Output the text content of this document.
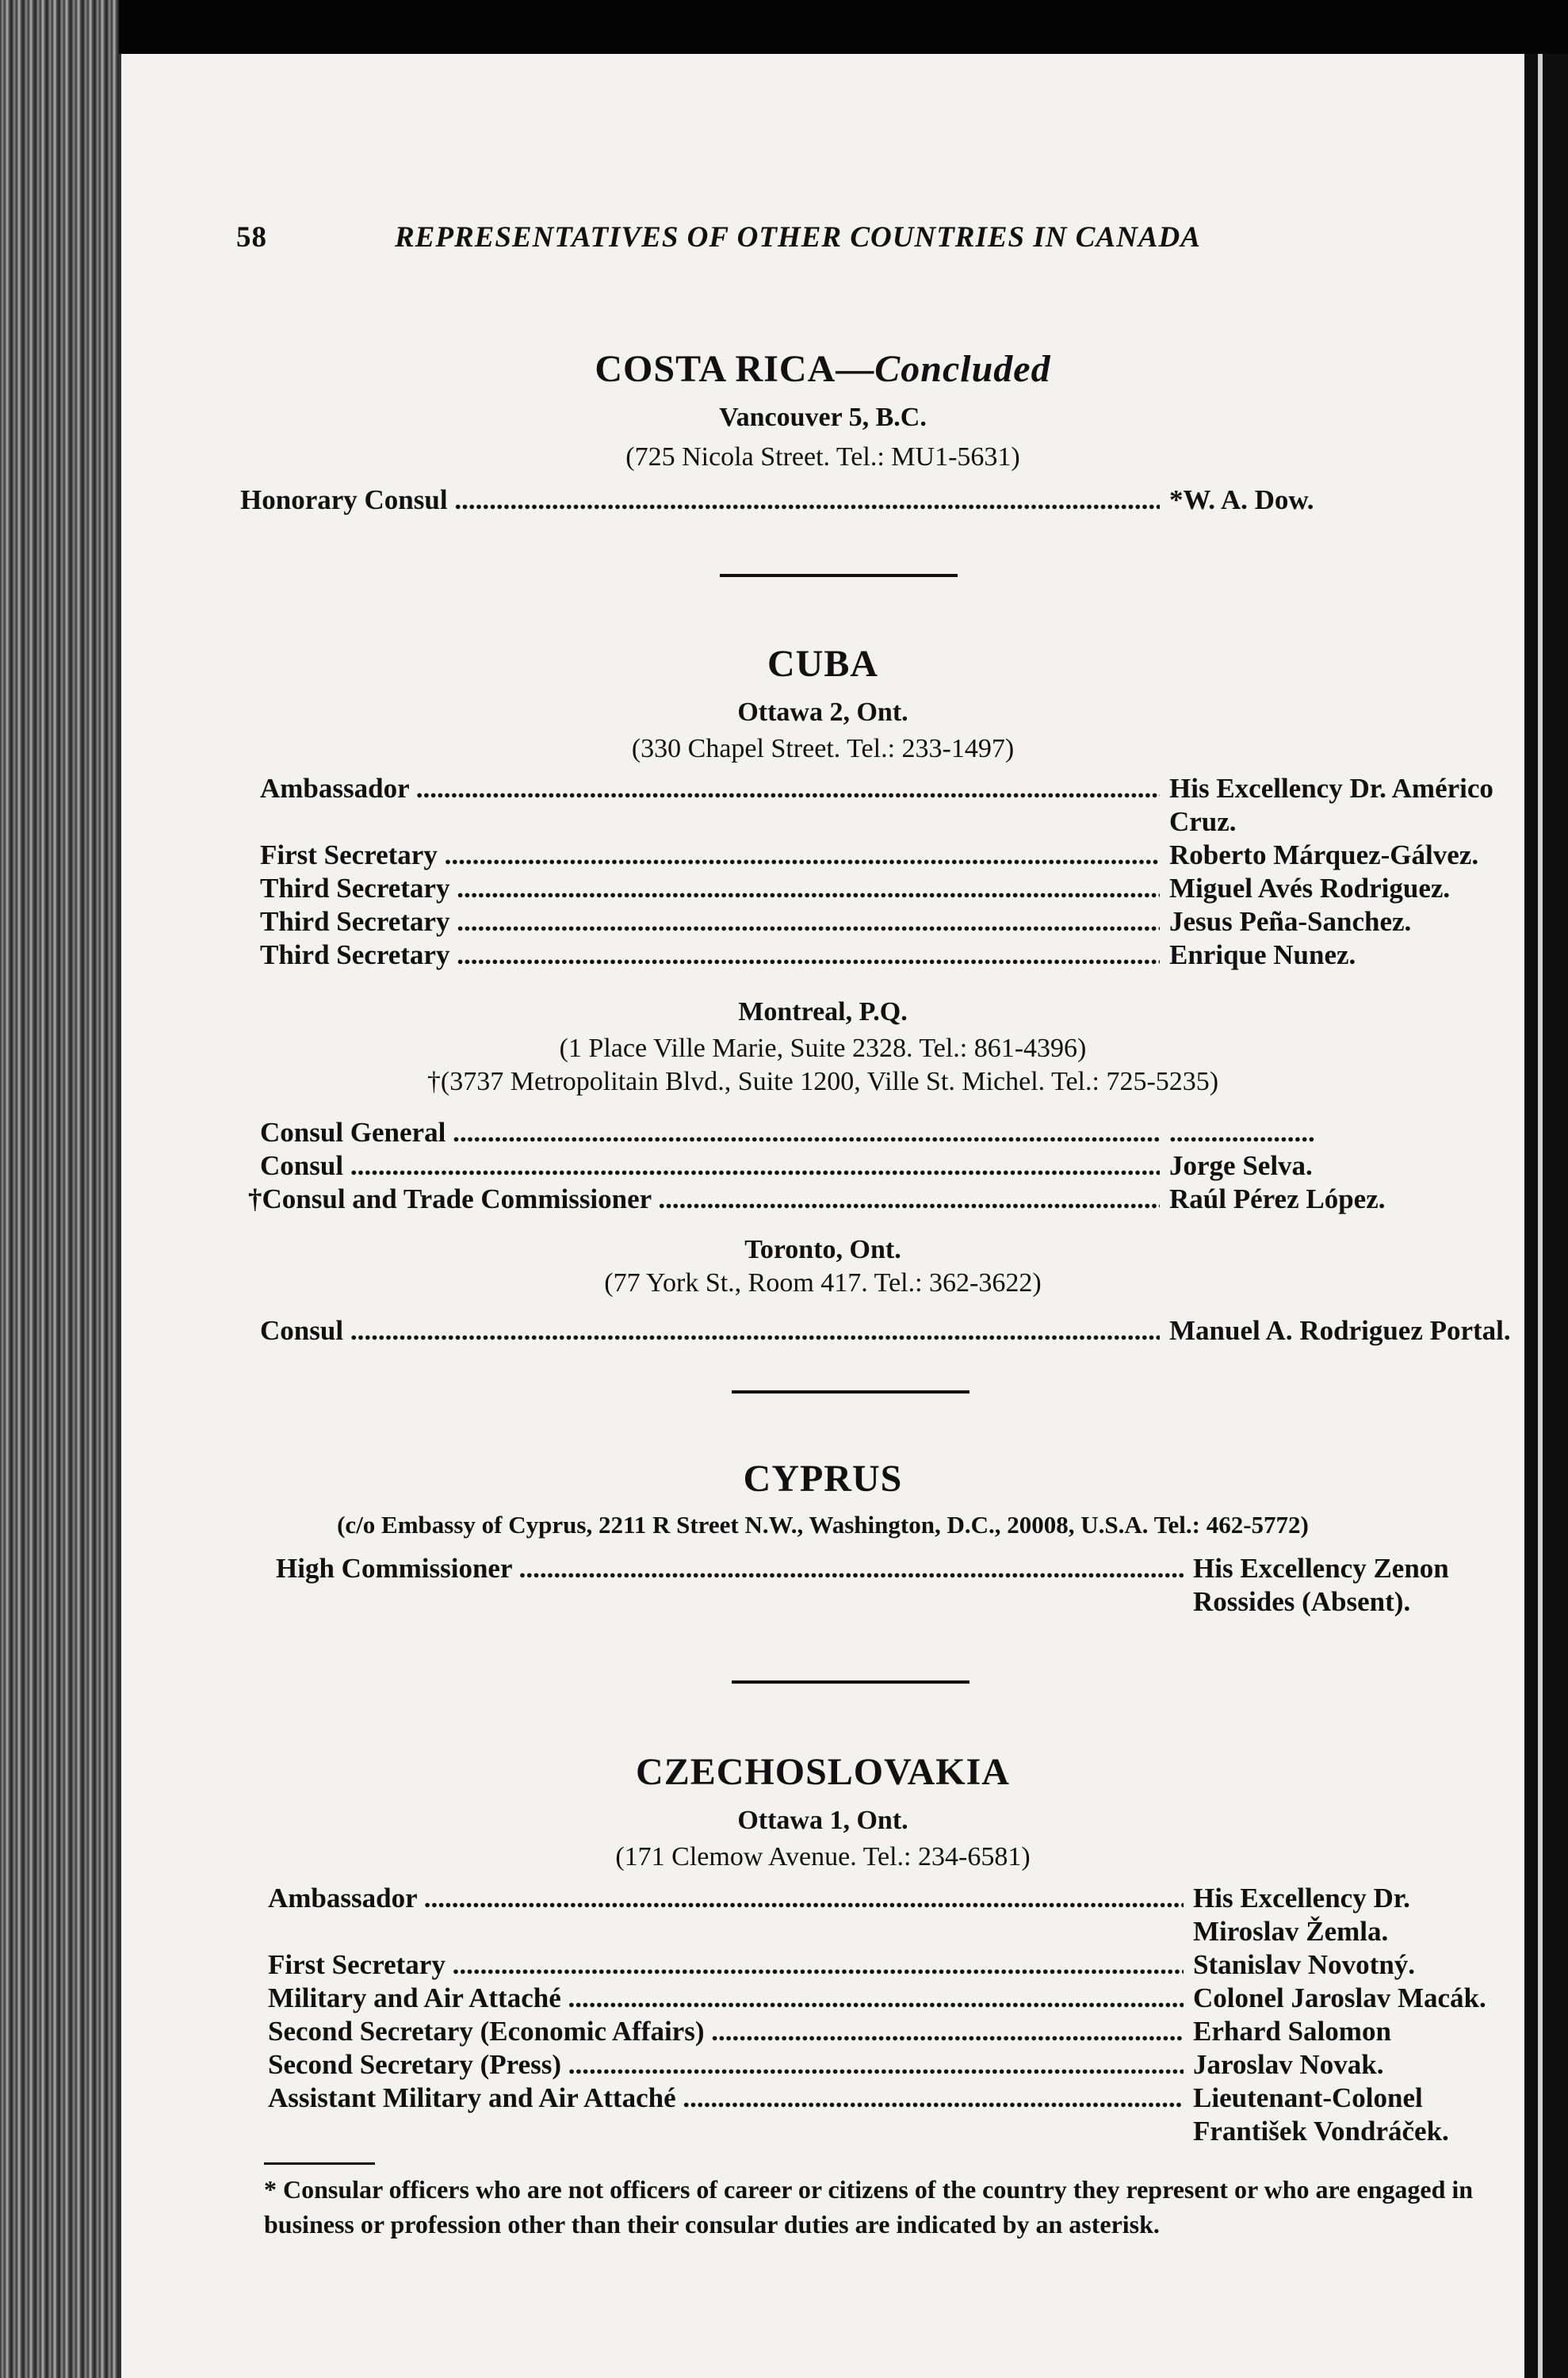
58	REPRESENTATIVES OF OTHER COUNTRIES IN CANADA
COSTA RICA—Concluded
Vancouver 5, B.C.
(725 Nicola Street. Tel.: MU1-5631)
Honorary Consul .....	*W. A. Dow.
CUBA
Ottawa 2, Ont.
(330 Chapel Street. Tel.: 233-1497)
Ambassador .....	His Excellency Dr. Américo Cruz.
First Secretary .....	Roberto Márquez-Gálvez.
Third Secretary .....	Miguel Avés Rodriguez.
Third Secretary .....	Jesus Peña-Sanchez.
Third Secretary .....	Enrique Nunez.
Montreal, P.Q.
(1 Place Ville Marie, Suite 2328. Tel.: 861-4396)
†(3737 Metropolitain Blvd., Suite 1200, Ville St. Michel. Tel.: 725-5235)
Consul General .....	.....................
Consul .....	Jorge Selva.
†Consul and Trade Commissioner .....	Raúl Pérez López.
Toronto, Ont.
(77 York St., Room 417. Tel.: 362-3622)
Consul .....	Manuel A. Rodriguez Portal.
CYPRUS
(c/o Embassy of Cyprus, 2211 R Street N.W., Washington, D.C., 20008, U.S.A. Tel.: 462-5772)
High Commissioner .....	His Excellency Zenon Rossides (Absent).
CZECHOSLOVAKIA
Ottawa 1, Ont.
(171 Clemow Avenue. Tel.: 234-6581)
Ambassador .....	His Excellency Dr. Miroslav Žemla.
First Secretary .....	Stanislav Novotný.
Military and Air Attaché .....	Colonel Jaroslav Macák.
Second Secretary (Economic Affairs) .....	Erhard Salomon
Second Secretary (Press) .....	Jaroslav Novak.
Assistant Military and Air Attaché .....	Lieutenant-Colonel František Vondráček.
* Consular officers who are not officers of career or citizens of the country they represent or who are engaged in business or profession other than their consular duties are indicated by an asterisk.
